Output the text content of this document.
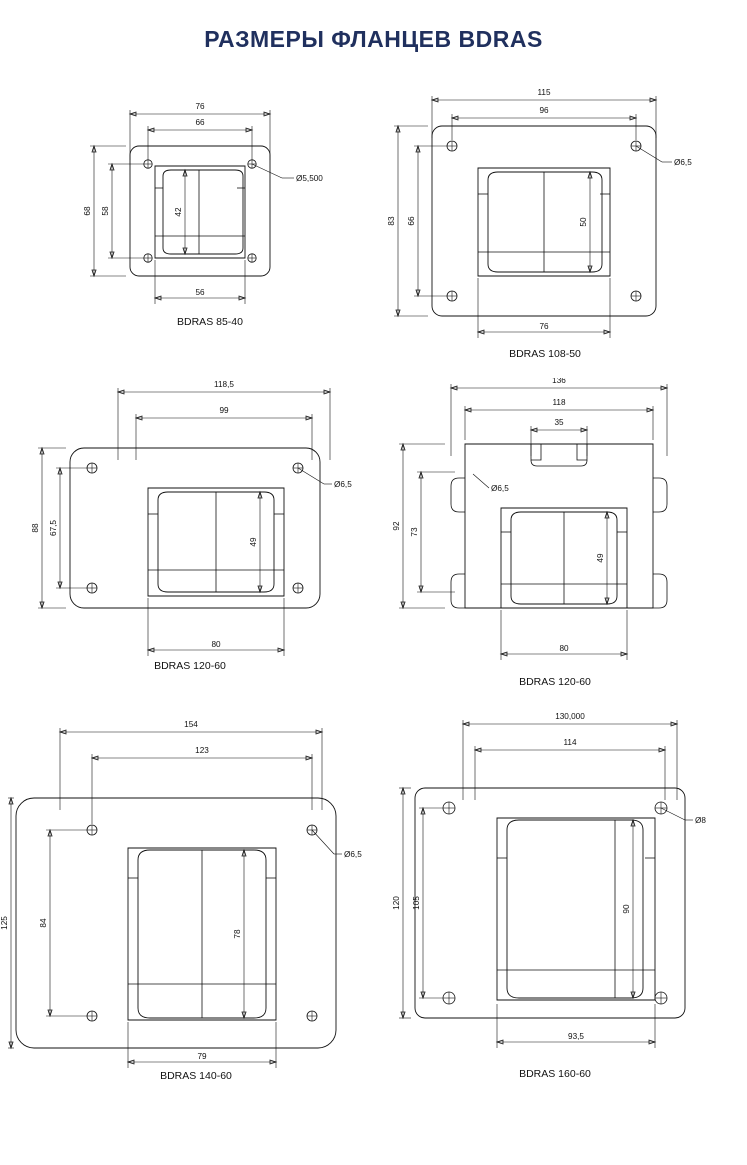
РАЗМЕРЫ ФЛАНЦЕВ BDRAS
76
66
68 58	42
56
Ø5,500
BDRAS 85-40
115
96
83 66	50
76
Ø6,5
BDRAS 108-50
118,5
99
88 67,5
49
80
Ø6,5
BDRAS 120-60
136
118
35
92
73
49
80
Ø6,5
BDRAS 120-60
154
123
125	84
78
79
Ø6,5
BDRAS 140-60
130,000
114
120 105	90
93,5
Ø8
BDRAS 160-60
